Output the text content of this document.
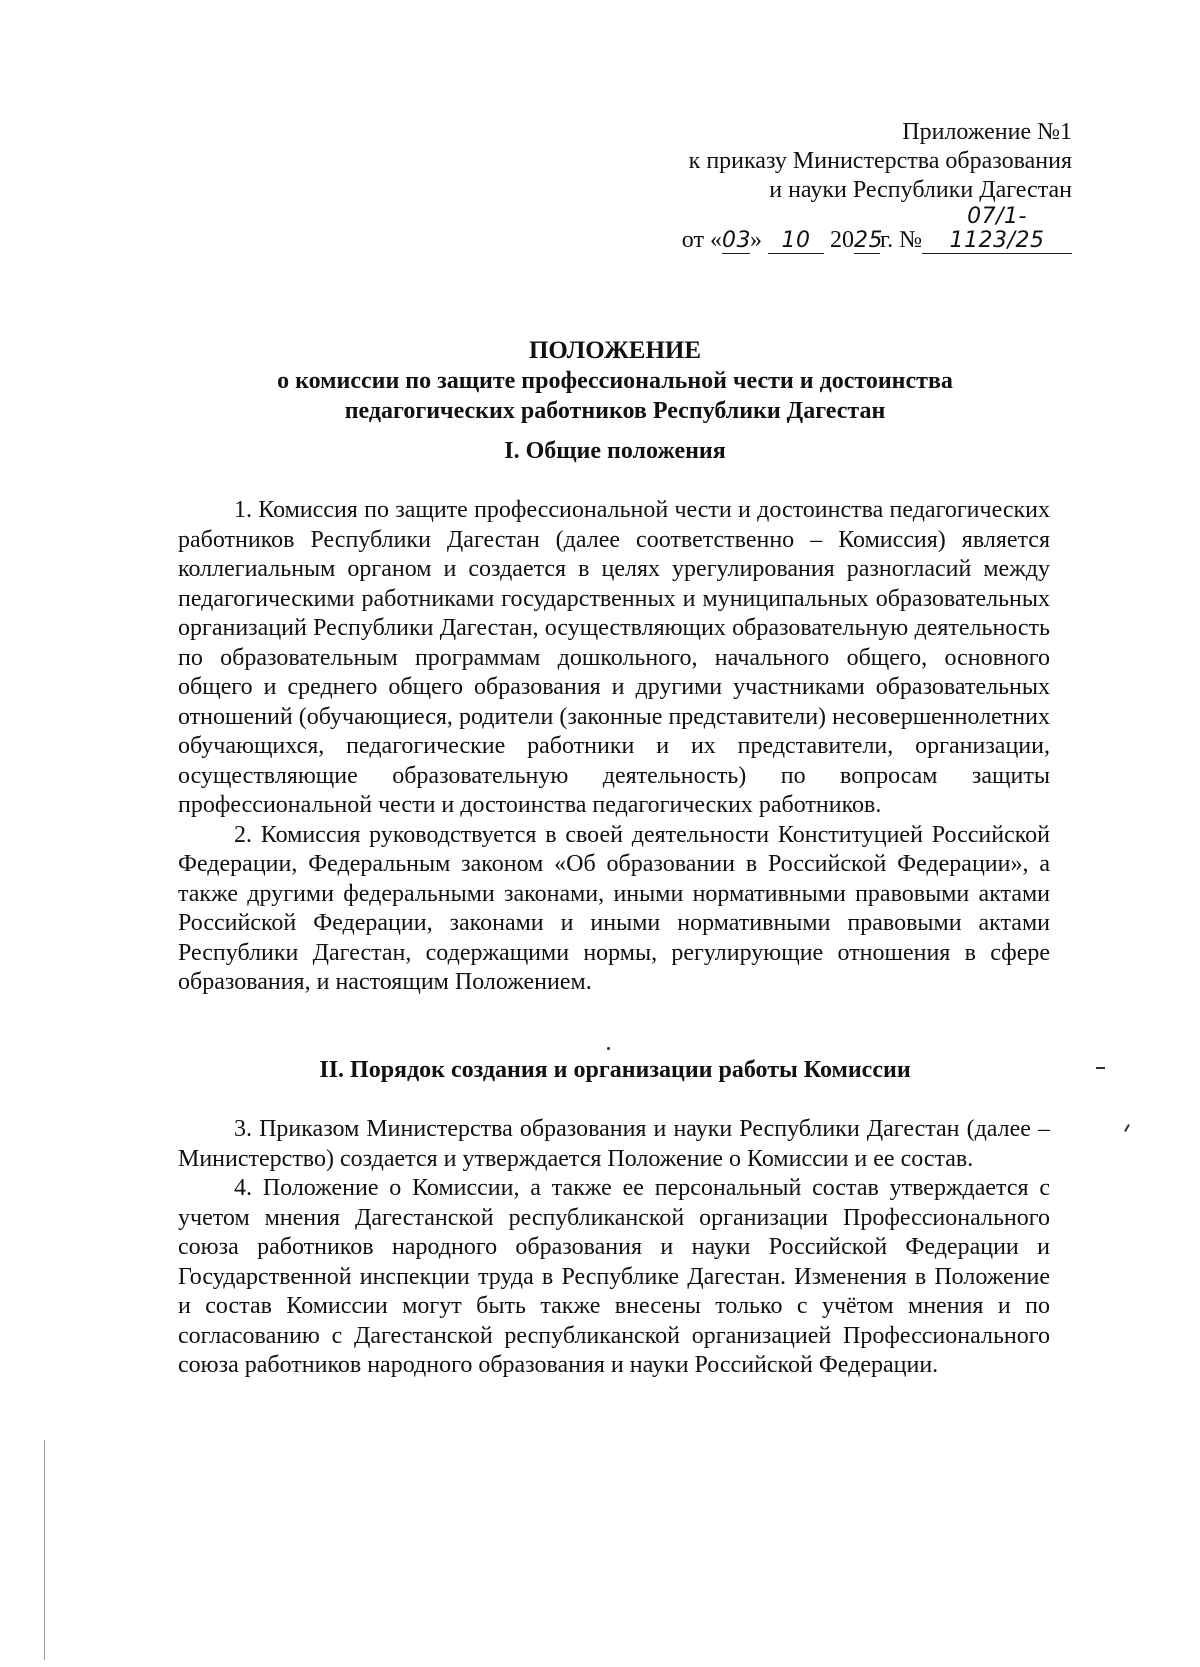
Приложение №1
к приказу Министерства образования
и науки Республики Дагестан
от «03» 10 2025г. №07/1-1123/25
ПОЛОЖЕНИЕ
о комиссии по защите профессиональной чести и достоинства
педагогических работников Республики Дагестан
I. Общие положения

1. Комиссия по защите профессиональной чести и достоинства педагогических работников Республики Дагестан (далее соответственно – Комиссия) является коллегиальным органом и создается в целях урегулирования разногласий между педагогическими работниками государственных и муниципальных образовательных организаций Республики Дагестан, осуществляющих образовательную деятельность по образовательным программам дошкольного, начального общего, основного общего и среднего общего образования и другими участниками образовательных отношений (обучающиеся, родители (законные представители) несовершеннолетних обучающихся, педагогические работники и их представители, организации, осуществляющие образовательную деятельность) по вопросам защиты профессиональной чести и достоинства педагогических работников.

2. Комиссия руководствуется в своей деятельности Конституцией Российской Федерации, Федеральным законом «Об образовании в Российской Федерации», а также другими федеральными законами, иными нормативными правовыми актами Российской Федерации, законами и иными нормативными правовыми актами Республики Дагестан, содержащими нормы, регулирующие отношения в сфере образования, и настоящим Положением.

II. Порядок создания и организации работы Комиссии

3. Приказом Министерства образования и науки Республики Дагестан (далее – Министерство) создается и утверждается Положение о Комиссии и ее состав.

4. Положение о Комиссии, а также ее персональный состав утверждается с учетом мнения Дагестанской республиканской организации Профессионального союза работников народного образования и науки Российской Федерации и Государственной инспекции труда в Республике Дагестан. Изменения в Положение и состав Комиссии могут быть также внесены только с учётом мнения и по согласованию с Дагестанской республиканской организацией Профессионального союза работников народного образования и науки Российской Федерации.
